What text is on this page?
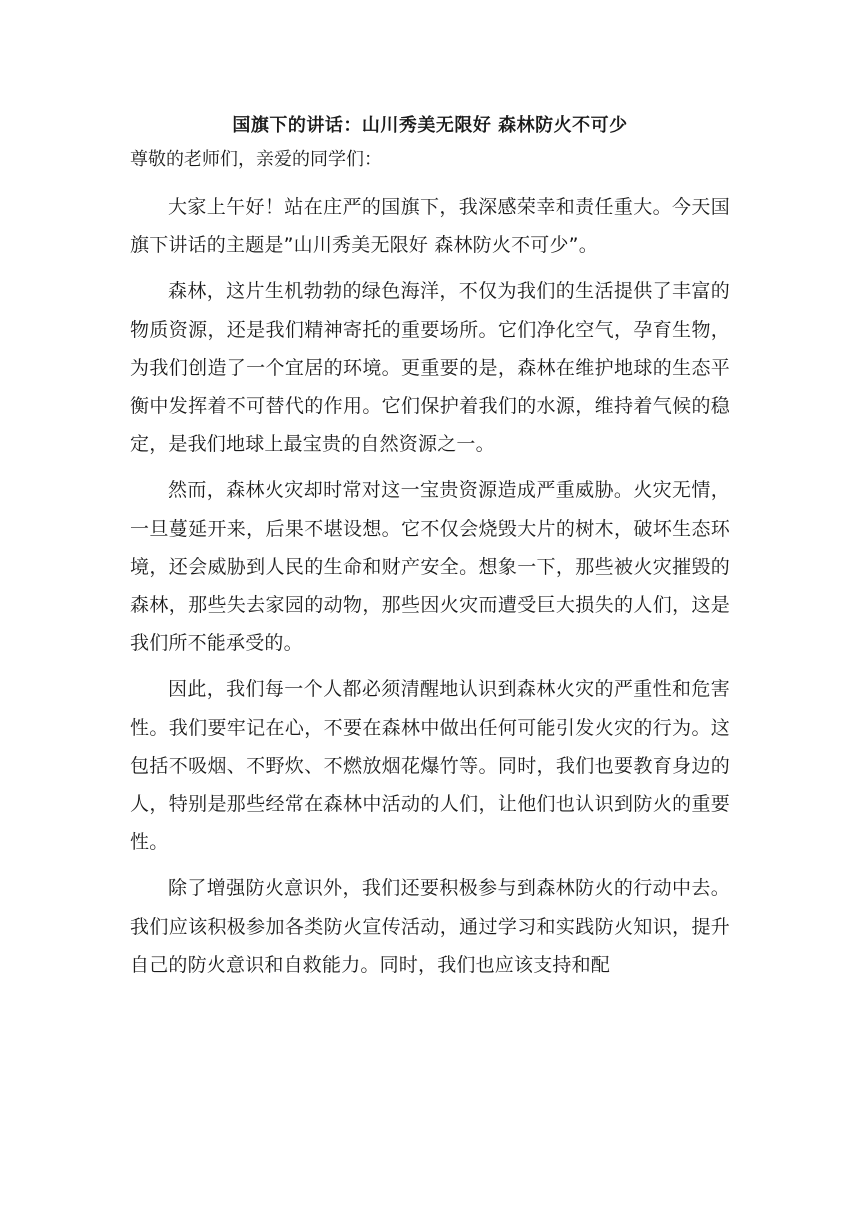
国旗下的讲话：山川秀美无限好 森林防火不可少
尊敬的老师们，亲爱的同学们：

大家上午好！站在庄严的国旗下，我深感荣幸和责任重大。今天国旗下讲话的主题是”山川秀美无限好 森林防火不可少”。

森林，这片生机勃勃的绿色海洋，不仅为我们的生活提供了丰富的物质资源，还是我们精神寄托的重要场所。它们净化空气，孕育生物，为我们创造了一个宜居的环境。更重要的是，森林在维护地球的生态平衡中发挥着不可替代的作用。它们保护着我们的水源，维持着气候的稳定，是我们地球上最宝贵的自然资源之一。

然而，森林火灾却时常对这一宝贵资源造成严重威胁。火灾无情，一旦蔓延开来，后果不堪设想。它不仅会烧毁大片的树木，破坏生态环境，还会威胁到人民的生命和财产安全。想象一下，那些被火灾摧毁的森林，那些失去家园的动物，那些因火灾而遭受巨大损失的人们，这是我们所不能承受的。

因此，我们每一个人都必须清醒地认识到森林火灾的严重性和危害性。我们要牢记在心，不要在森林中做出任何可能引发火灾的行为。这包括不吸烟、不野炊、不燃放烟花爆竹等。同时，我们也要教育身边的人，特别是那些经常在森林中活动的人们，让他们也认识到防火的重要性。

除了增强防火意识外，我们还要积极参与到森林防火的行动中去。我们应该积极参加各类防火宣传活动，通过学习和实践防火知识，提升自己的防火意识和自救能力。同时，我们也应该支持和配
